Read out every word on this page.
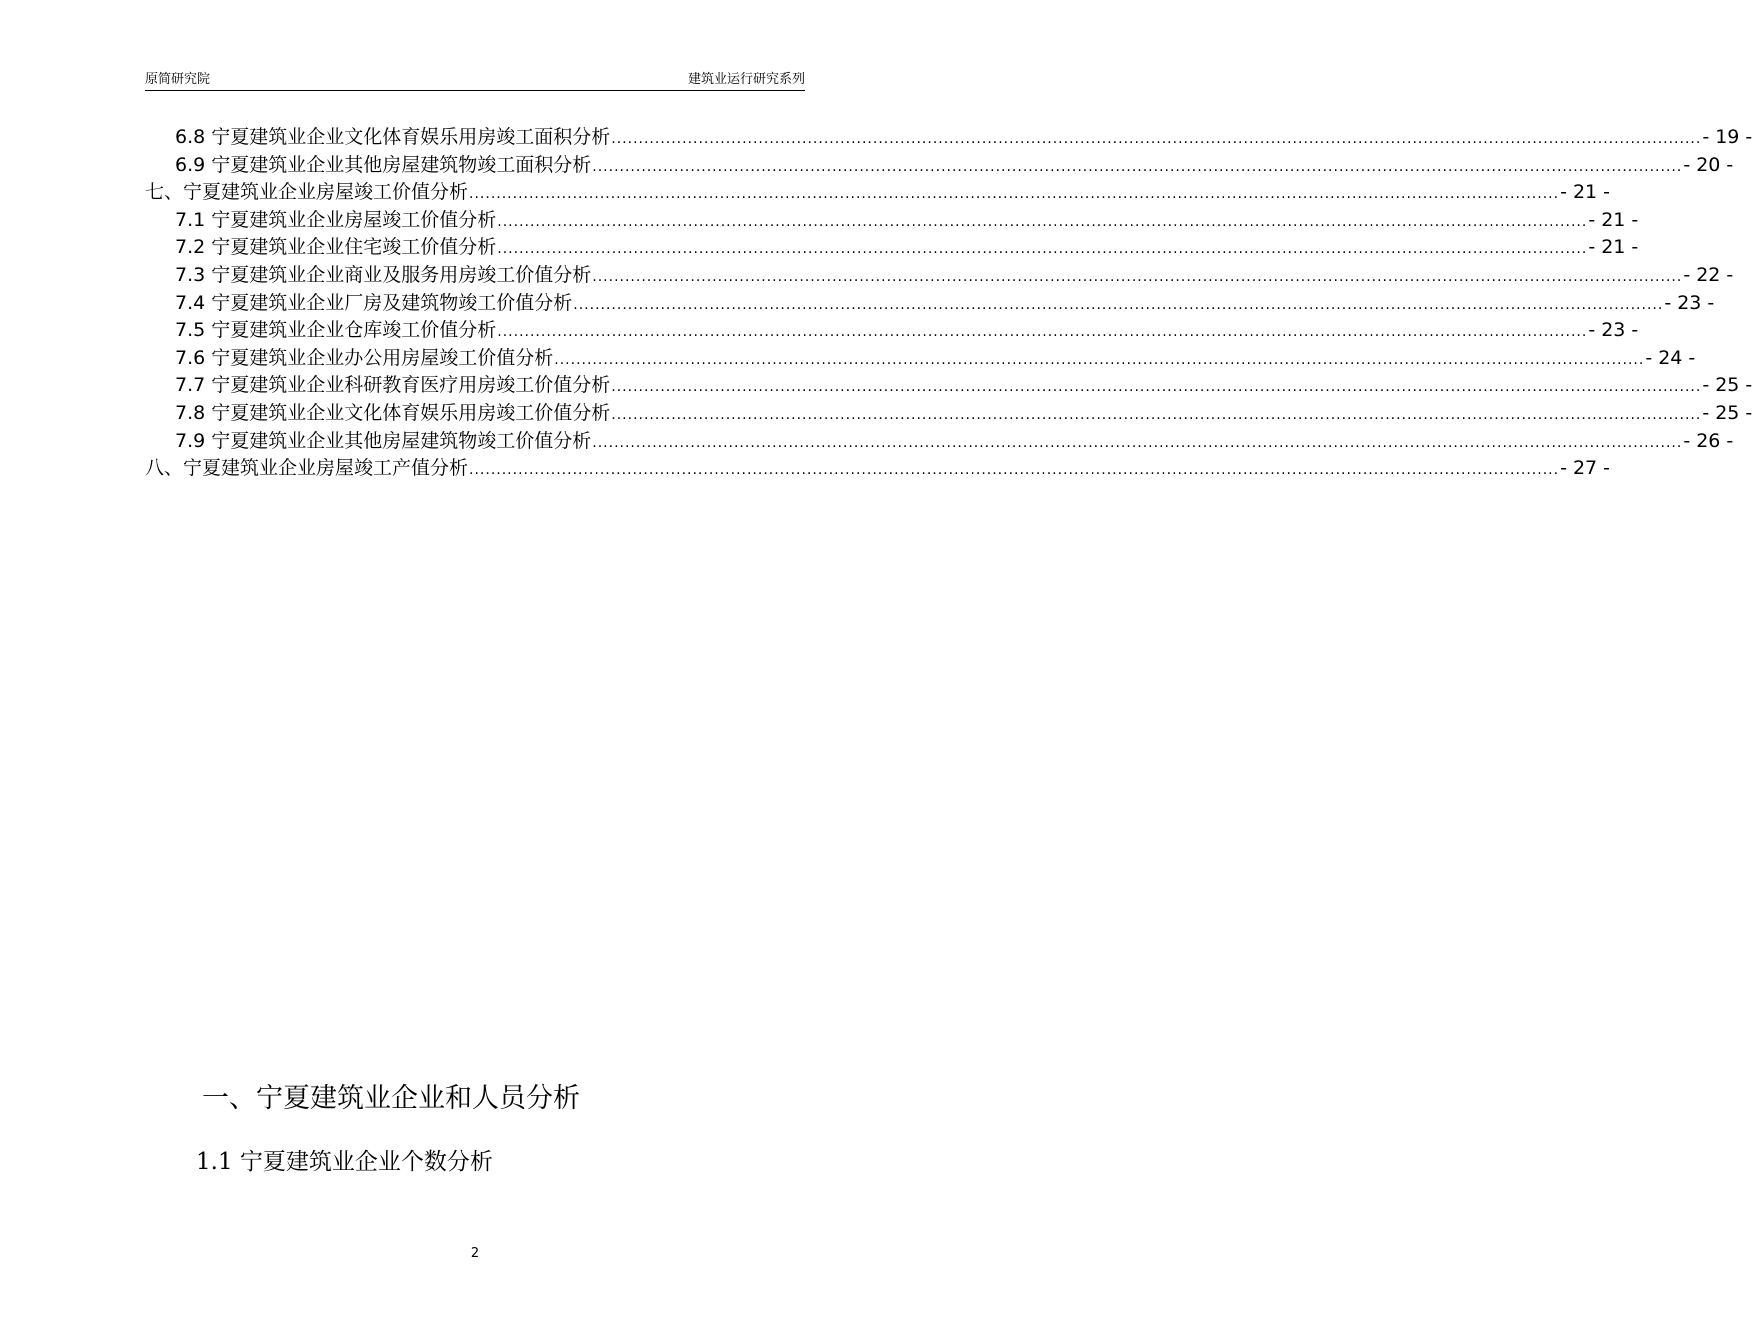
原简研究院	建筑业运行研究系列
6.8 宁夏建筑业企业文化体育娱乐用房竣工面积分析 ........................................................................................................................................................................................................ - 19 -
6.9 宁夏建筑业企业其他房屋建筑物竣工面积分析 ........................................................................................................................................................................................................ - 20 -
七、宁夏建筑业企业房屋竣工价值分析 ........................................................................................................................................................................................................ - 21 -
7.1 宁夏建筑业企业房屋竣工价值分析 ........................................................................................................................................................................................................ - 21 -
7.2 宁夏建筑业企业住宅竣工价值分析 ........................................................................................................................................................................................................ - 21 -
7.3 宁夏建筑业企业商业及服务用房竣工价值分析 ........................................................................................................................................................................................................ - 22 -
7.4 宁夏建筑业企业厂房及建筑物竣工价值分析 ........................................................................................................................................................................................................ - 23 -
7.5 宁夏建筑业企业仓库竣工价值分析 ........................................................................................................................................................................................................ - 23 -
7.6 宁夏建筑业企业办公用房屋竣工价值分析 ........................................................................................................................................................................................................ - 24 -
7.7 宁夏建筑业企业科研教育医疗用房竣工价值分析 ........................................................................................................................................................................................................ - 25 -
7.8 宁夏建筑业企业文化体育娱乐用房竣工价值分析 ........................................................................................................................................................................................................ - 25 -
7.9 宁夏建筑业企业其他房屋建筑物竣工价值分析 ........................................................................................................................................................................................................ - 26 -
八、宁夏建筑业企业房屋竣工产值分析 ........................................................................................................................................................................................................ - 27 -
一、宁夏建筑业企业和人员分析
1.1 宁夏建筑业企业个数分析
2
